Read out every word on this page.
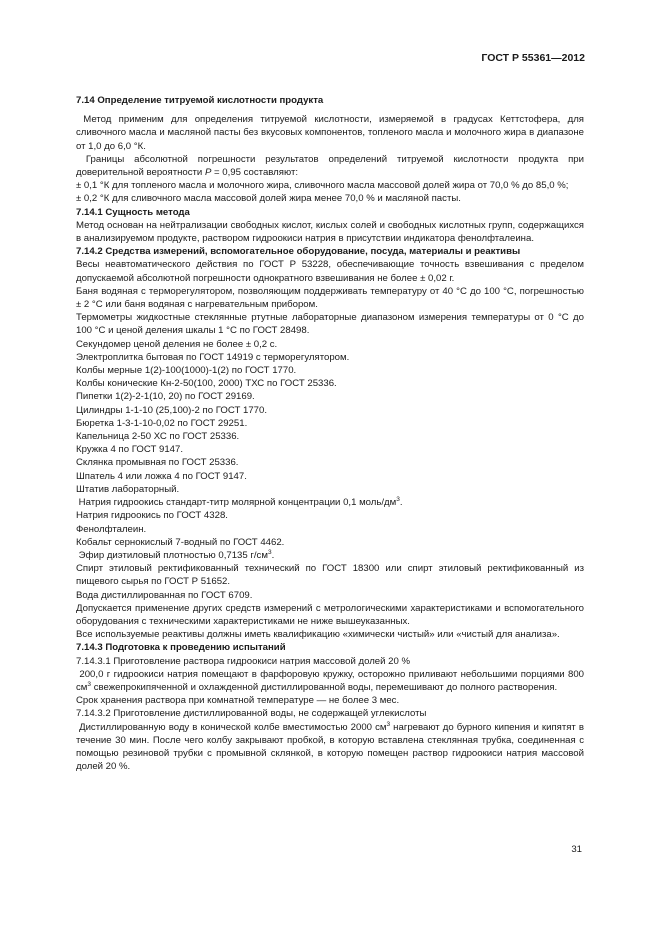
ГОСТ Р 55361—2012

7.14 Определение титруемой кислотности продукта

Метод применим для определения титруемой кислотности, измеряемой в градусах Кеттстофера, для сливочного масла и масляной пасты без вкусовых компонентов, топленого масла и молочного жира в диапазоне от 1,0 до 6,0 °К.

Границы абсолютной погрешности результатов определений титруемой кислотности продукта при доверительной вероятности P = 0,95 составляют:

± 0,1 °К для топленого масла и молочного жира, сливочного масла массовой долей жира от 70,0 % до 85,0 %;

± 0,2 °К для сливочного масла массовой долей жира менее 70,0 % и масляной пасты.

7.14.1 Сущность метода

Метод основан на нейтрализации свободных кислот, кислых солей и свободных кислотных групп, содержащихся в анализируемом продукте, раствором гидроокиси натрия в присутствии индикатора фенолфталеина.

7.14.2 Средства измерений, вспомогательное оборудование, посуда, материалы и реактивы

Весы неавтоматического действия по ГОСТ Р 53228, обеспечивающие точность взвешивания с пределом допускаемой абсолютной погрешности однократного взвешивания не более ± 0,02 г.

Баня водяная с терморегулятором, позволяющим поддерживать температуру от 40 °С до 100 °С, погрешностью ± 2 °С или баня водяная с нагревательным прибором.

Термометры жидкостные стеклянные ртутные лабораторные диапазоном измерения температуры от 0 °С до 100 °С и ценой деления шкалы 1 °С по ГОСТ 28498.

Секундомер ценой деления не более ± 0,2 с.

Электроплитка бытовая по ГОСТ 14919 с терморегулятором.

Колбы мерные 1(2)-100(1000)-1(2) по ГОСТ 1770.

Колбы конические Кн-2-50(100, 2000) ТХС по ГОСТ 25336.

Пипетки 1(2)-2-1(10, 20) по ГОСТ 29169.

Цилиндры 1-1-10 (25,100)-2 по ГОСТ 1770.

Бюретка 1-3-1-10-0,02 по ГОСТ 29251.

Капельница 2-50 ХС по ГОСТ 25336.

Кружка 4 по ГОСТ 9147.

Склянка промывная по ГОСТ 25336.

Шпатель 4 или ложка 4 по ГОСТ 9147.

Штатив лабораторный.

Натрия гидроокись стандарт-титр молярной концентрации 0,1 моль/$дм^3$.

Натрия гидроокись по ГОСТ 4328.

Фенолфталеин.

Кобальт сернокислый 7-водный по ГОСТ 4462.

Эфир диэтиловый плотностью 0,7135 $г/см^3$.

Спирт этиловый ректификованный технический по ГОСТ 18300 или спирт этиловый ректификованный из пищевого сырья по ГОСТ Р 51652.

Вода дистиллированная по ГОСТ 6709.

Допускается применение других средств измерений с метрологическими характеристиками и вспомогательного оборудования с техническими характеристиками не ниже вышеуказанных.

Все используемые реактивы должны иметь квалификацию «химически чистый» или «чистый для анализа».

7.14.3 Подготовка к проведению испытаний

7.14.3.1 Приготовление раствора гидроокиси натрия массовой долей 20 %

200,0 г гидроокиси натрия помещают в фарфоровую кружку, осторожно приливают небольшими порциями 800 $см^3$ свежепрокипяченной и охлажденной дистиллированной воды, перемешивают до полного растворения.

Срок хранения раствора при комнатной температуре — не более 3 мес.

7.14.3.2 Приготовление дистиллированной воды, не содержащей углекислоты

Дистиллированную воду в конической колбе вместимостью 2000 $см^3$ нагревают до бурного кипения и кипятят в течение 30 мин. После чего колбу закрывают пробкой, в которую вставлена стеклянная трубка, соединенная с помощью резиновой трубки с промывной склянкой, в которую помещен раствор гидроокиси натрия массовой долей 20 %.

31
